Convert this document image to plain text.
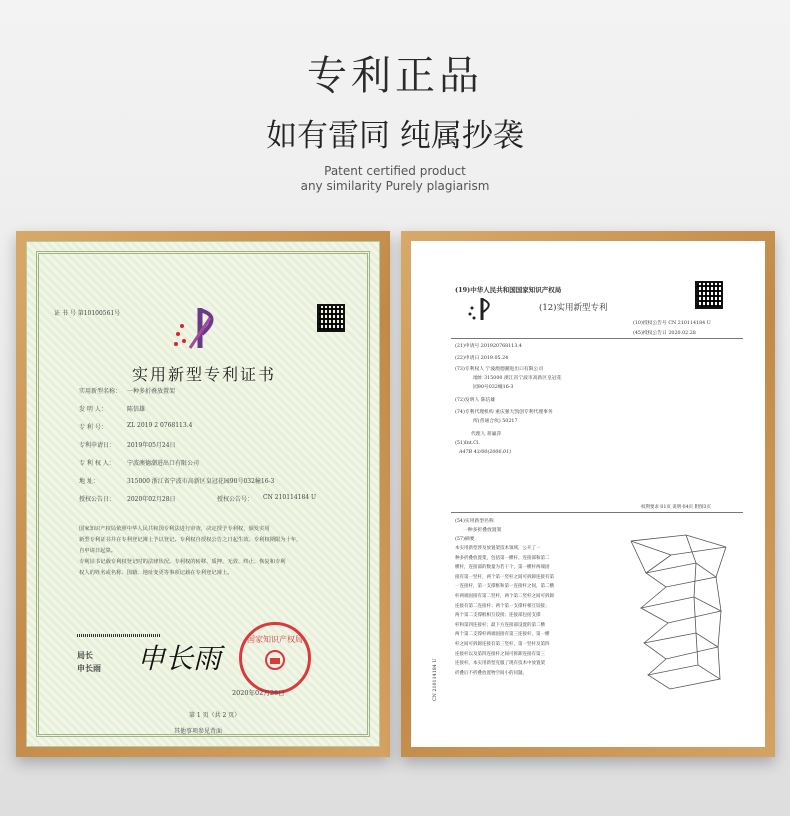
专利正品
如有雷同 纯属抄袭
Patent certified product
any similarity Purely plagiarism
证 书 号 第10100561号
实用新型专利证书
实用新型名称： 一种多折叠放置架
发 明 人：	陈信雄
专 利 号：	ZL 2019 2 0768113.4
专利申请日： 2019年05月24日
专 利 权 人： 宁波澳德潮进出口有限公司
地 址：	315000 浙江省宁波市高新区皇冠花园90号032幢16-3
授权公告日： 2020年02月28日	授权公告号： CN 210114184 U
国家知识产权局依照中华人民共和国专利法进行审查，决定授予专利权，颁发实用
新型专利证书并在专利登记簿上予以登记。专利权自授权公告之日起生效。专利权期限为十年，
自申请日起算。
专利证书记载专利权登记时的法律状况。专利权的转移、质押、无效、终止、恢复和专利
权人的姓名或名称、国籍、地址变更等事项记载在专利登记簿上。
局长
申长雨 申长雨
国家知识产权局
2020年02月28日
第 1 页（共 2 页）
其他事项参见背面
(19)中华人民共和国国家知识产权局
(12)实用新型专利
(10)授权公告号 CN 210114184 U
(45)授权公告日 2020.02.28
(21)申请号 201920768113.4
(22)申请日 2019.05.24
(73)专利权人 宁波澳德潮进出口有限公司
地址 315000 浙江省宁波市高新区皇冠花
园90号032幢16-3
(72)发明人 陈信雄
(74)专利代理机构 重庆强大凯创专利代理事务
所(普通合伙) 50217
代理人 蒋赢萍
(51)Int.Cl.
A47B 43/00(2006.01)
权利要求书1页 说明书4页 附图3页
(54)实用新型名称
一种多折叠放置架
(57)摘要
本实用新型涉及放置架技术领域，公开了一
种多折叠放置架，包括第一横杆、连接部和第二
横杆，连接部的数量为若干个，第一横杆两端固
接有第一竖杆，两个第一竖杆之间可拆卸连接有第
一连接杆，第一支撑框和第一连接杆之间，第二横
杆两端固接有第二竖杆，两个第二竖杆之间可拆卸
连接有第二连接杆；两个第一支撑杆相互铰接；
两个第二支撑框相互铰接；连接部包括支撑
杆和第四连接杆；最下方连接部设置的第二横
两个第二支撑杆两端固接有第三连接杆，第一横
杆之间可拆卸连接有第三竖杆，第一竖杆及第四
连接杆以及第四连接杆之间可拆卸连接有第三
连接杆。本实用新型克服了现有技术中放置架
折叠后不折叠放置物空间小的问题。
CN 210114184 U
